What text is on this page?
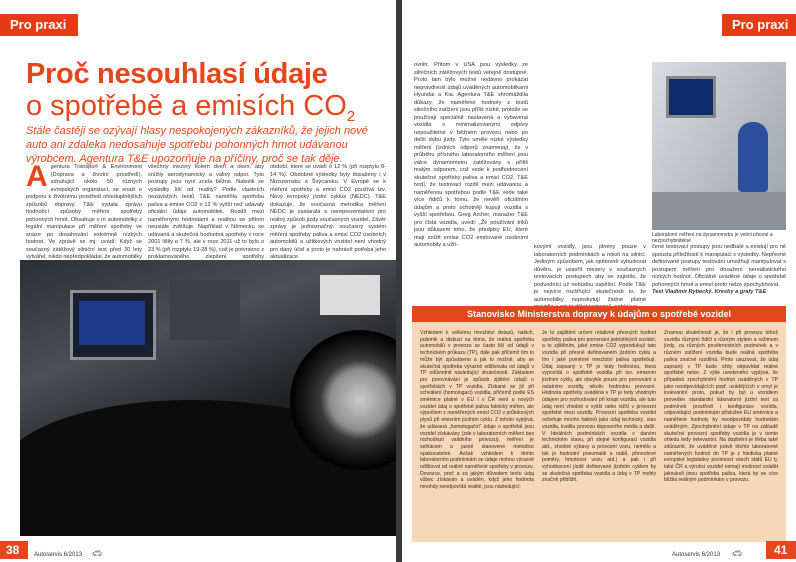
Pro praxi
Proč nesouhlasí údaje
o spotřebě a emisích $CO_2$
Stále častěji se ozývají hlasy nespokojených zákazníků, že jejich nové auto ani zdaleka nedosahuje spotřebu pohonných hmot udávanou výrobcem. Agentura T&E upozorňuje na příčiny, proč se tak děje.
A gentura Transport & Environment (Doprava a životní prostředí), sdružující okolo 50 různých evropských organizací, se snaží o podporu k životnímu prostředí ohleduplnějších způsobů dopravy. T&E vydala zprávu hodnotící způsoby měření spotřeby pohonných hmot. Obsahuje v ní automobilky z legální manipulace při měření spotřeby ve snaze po dosahování extrémně nízkých hodnot. Ve zprávě se mj. uvádí: Když se současný zátěžový silniční test před 30 lety vytvářel, nikdo nepředpokládal, že automobilky
všechny mezery kolem dveří a oken, aby snížily aerodynamický a valivý odpor. Tyto postupy jsou nyní zcela běžné. Nakolik se výsledky liší od reality? Podle vlastních nezávislých testů T&E naměřila spotřebu paliva a emise CO2 o 12 % vyšší než udávaly oficiální údaje automobilek. Rozdíl mezi naměřenými hodnotami a realitou se přitom neustále zvětšuje. Například v Německu se udávaná a skutečná hodnotná spotřeby v roce 2001 lišily o 7 %, ale v roce 2011 už to bylo o 23 % (při rozptylu 19-28 %), což je potvrzeno z proklamovaného zlepšení spotřeby
období, které se uvádí o 12 % (při rozptylu 8-14 %). Obdobné výsledky byly dosaženy i v Nizozemsku a Švýcarsku. V Evropě se k měření spotřeby a emisí CO2 používá tzv. Nový evropský jízdní cyklus (NEDC). T&E dokazuje, že současná metodika měření NEDC je zastaralá a nereprezentativní pro reálný způsob jízdy současných vozidel. Závěr zprávy je jednoznačný: současný systém měření spotřeby paliva a emisí CO2 osobních automobilů a užitkových vozidel není vhodný pro daný účel a proto je nahrávě potřeba jeho aktualizace.
38 Autoservis 6/2013 🚗︎
Pro praxi
ovoltr. Přitom v USA jsou výsledky ze silničních zátěžových testů veřejně dostupné. Proto tam bylo možné nedávno prokázat nepravdivost údajů uváděných automobilkami Hyundai a Kia. Agentura T&E shromáždila důkazy, že naměřené hodnoty z testů silničního zatížení jsou příliš nízké, protože se používají speciálně nastavená a vybavená vozidla s minimalizovanými odpory nepoužitelné v běžném provozu nebo po delší dobu jízdy. Tyto uměle nízké výsledky měření jízdních odporů znamenají, že v průběhu přísného laboratorního měření jsou válce dynamometru zatěžovány s příliš malým odporem, což vede k podhodnocení skutečné spotřeby paliva a emisí CO2. T&E tvrdí, že testovací rozdíl mezi udávanou a naměřenou spotřebou podle T&E vede také více řidičů k tomu, že nevěří oficiálním údajům a proto ochotněji kupují vozidla s vyšší spotřebou. Greg Archer, manažer T&E pro čistá vozidla, uvedl: „Že používání triků jsou důkazem toho, že předpisy EU, které mají snížit emise CO2 emitované osobními automobily a užit-
Laboratorní měření na dynamometru je velmi přesné a nezpochybnitelné
kovými vozidly, jsou plnény pouze v laboratorních podmínkách a nikoli na silnici. Jediným způsobem, jak opětovně vybudovat důvěru, je uzavřít mezery v současných testovacích postupech aby se zajistilo, že podvodníci už nebudou úspěšní. Podle T&E je nejvíce rozšířující skutečnosti to, že automobilky neposkytují žádné platné
čené testovací postupy jsou nedbalé a existují pro ně spousta příležitostí k manipulaci s výsledky. Nepřesné definované postupy testování umožňují manipulovat s postupem měření pro dosažení nereálistického nízkých hodnot. Oficiálně uváděné údaje o spotřebě pohonných hmot a emisí proto nelze zpochybňovat.
Text Vladimír Rybecký, Kresby a grafy T&E
Stanovisko Ministerstva dopravy k údajům o spotřebě vozidel
Vzhledem k velkému množství dotazů, našich, polemik a diskusí na téma, že reálná spotřeba automobilů v provozu se často liší od údajů v technickém průkazu (TP), dále pak přičemž tím to může být způsobeno a jak to možné, aby se skutečná spotřeba výrazně odlišovala od údajů v TP odůvodnit následující skutečnosti. Základem pro porovnávání je způsob zjištění údajů o spotřebách v TP vozidla. Získané se již při schválení (homologaci) vozidla, přičemž podle ES směrnice platné v EU i v ČR není u nových vozidel údaj o spotřebě paliva faktický měřen, ale výpočtem z naměřených emisí CO2 v průtokových plynů při emisním jízdním cyklu. Z tohoto vyplývá, že udávaná „homologační“ údaje o spotřebě jsou vozidel získávány (zde v laboratorních měření bez rozhodnutí validního provozu), měření je selhácem a jasně stanovené metodice opakovatelné. Avšak vzhledem k těmto laboratorním podmínkám se údaje mohou výrazně odlišovat od reálně naměřené spotřeby v provozu. Dovozce, proč a za jakým důvodem tento údaj vůbec získáván a uváděn, když jeho hodnota mnohdy neodpovídá realitě, jsou následující:
Je to zajištění určení relativně přesných hodnot spotřeby paliva pro porovnání jednotlivých vozidel, a to zjištěním, jaké emise CO2 vyprodukují tato vozidla při přesně definovaném jízdním cyklu a tím i jaké poměrné množství paliva spotřebují. Údaj zapsaný v TP je tedy hodnotou, která vypovídá o spotřebě vozidla při tzv. emisním jízdním cyklu, ale obvykle pouze pro porovnání s ostatními vozidly, nikoliv hodnotou provozní. Hodnota spotřeby uváděná v TP je tedy vhodným údajem pro rozhodování při koupi vozidla, ale tuto údaj není vhodné o vyšší nebo nižší v provozní spotřebě mezi vozidly. Provozní spotřeba vozidel ovlivňuje mnoho faktorů jako údaj technický, stav vozidla, kvalitu provozu dopravního média a další. V Ideálních podmínkách vozidla v daném technickém stavu, při stejné konfiguraci vozidla atd., shodné výbavy a provozní vozu, nemělo a tak je hodnotní pneumatik a rádiů, převodové poměry, hmotnost vozu atd.) a pak i při vyhodnocení jízdě definované jízdním cyklem by se skutečná spotřeba vozidla a údaj v TP mohly značně přiblížit.
Znamou skutečností je, že i při provozu téhož vozidla různými řidiči s různým stylem a režimem jízdy, za různých povětrnostních podmínek a v různém zatížení vozidla bude reálná spotřeba paliva značné rozdílná. Proto usuzovat, že údaj zapsaný v TP bude vždy odpovídat reálné spotřebě nelze. Z výše uvedeného vyplývá, že případná zpochybnění hodnot uváděných v TP jako neodpovídajících popř. uvádějících v omyl je irelevantní proto, pokud by byl u vozidlem proveden standardní laboratorní jízdní test za podmínek prostředí i konfigurace vozidla, odpovídající podmínkám příslušné EU směrnice a naměřené hodnoty by neodpovídaly hodnotám uváděným. Zpochybnění údaje v TP na základě skutečné provozní spotřeby vozidla je v tomto ohledu tedy irelevantní. Na doplnění je třeba také zdůraznit, že uváděné právě těchto laboratorně naměřených hodnot do TP je z hlediska platné evropské legislativy povinnost všech států EU tj. také ČR a výrobci vozidel nemají možnost uvádět jakoukoli jinou spotřebu paliva, která by se více blížila reálným podmínkám v provozu.
Autoservis 6/2013 🚗︎	41
